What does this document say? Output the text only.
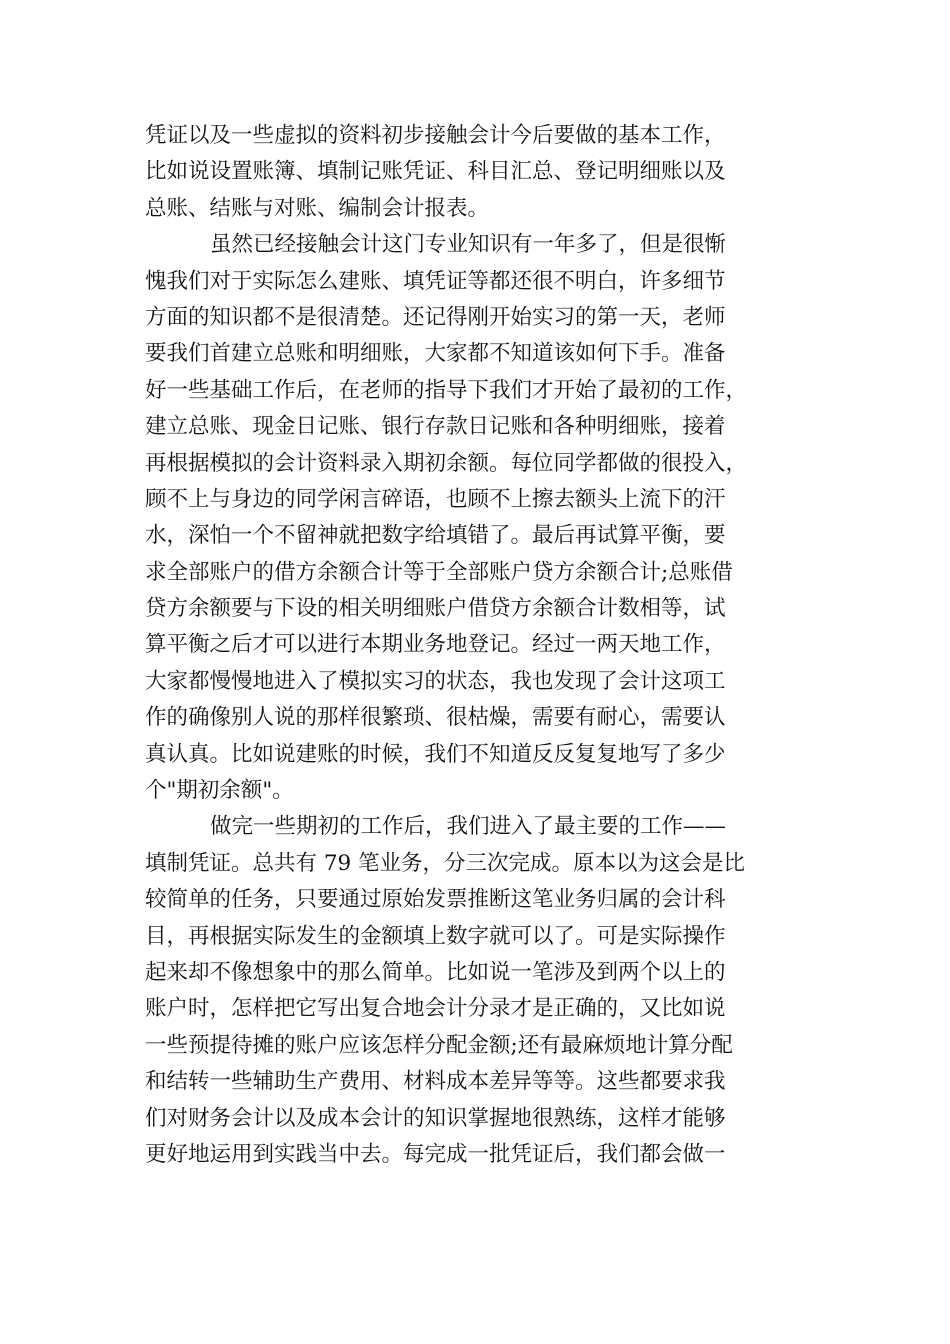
凭证以及一些虚拟的资料初步接触会计今后要做的基本工作，
比如说设置账簿、填制记账凭证、科目汇总、登记明细账以及
总账、结账与对账、编制会计报表。
虽然已经接触会计这门专业知识有一年多了，但是很惭
愧我们对于实际怎么建账、填凭证等都还很不明白，许多细节
方面的知识都不是很清楚。还记得刚开始实习的第一天，老师
要我们首建立总账和明细账，大家都不知道该如何下手。准备
好一些基础工作后，在老师的指导下我们才开始了最初的工作，
建立总账、现金日记账、银行存款日记账和各种明细账，接着
再根据模拟的会计资料录入期初余额。每位同学都做的很投入，
顾不上与身边的同学闲言碎语，也顾不上擦去额头上流下的汗
水，深怕一个不留神就把数字给填错了。最后再试算平衡，要
求全部账户的借方余额合计等于全部账户贷方余额合计;总账借
贷方余额要与下设的相关明细账户借贷方余额合计数相等，试
算平衡之后才可以进行本期业务地登记。经过一两天地工作，
大家都慢慢地进入了模拟实习的状态，我也发现了会计这项工
作的确像别人说的那样很繁琐、很枯燥，需要有耐心，需要认
真认真。比如说建账的时候，我们不知道反反复复地写了多少
个"期初余额"。
做完一些期初的工作后，我们进入了最主要的工作——
填制凭证。总共有 79 笔业务，分三次完成。原本以为这会是比
较简单的任务，只要通过原始发票推断这笔业务归属的会计科
目，再根据实际发生的金额填上数字就可以了。可是实际操作
起来却不像想象中的那么简单。比如说一笔涉及到两个以上的
账户时，怎样把它写出复合地会计分录才是正确的，又比如说
一些预提待摊的账户应该怎样分配金额;还有最麻烦地计算分配
和结转一些辅助生产费用、材料成本差异等等。这些都要求我
们对财务会计以及成本会计的知识掌握地很熟练，这样才能够
更好地运用到实践当中去。每完成一批凭证后，我们都会做一
